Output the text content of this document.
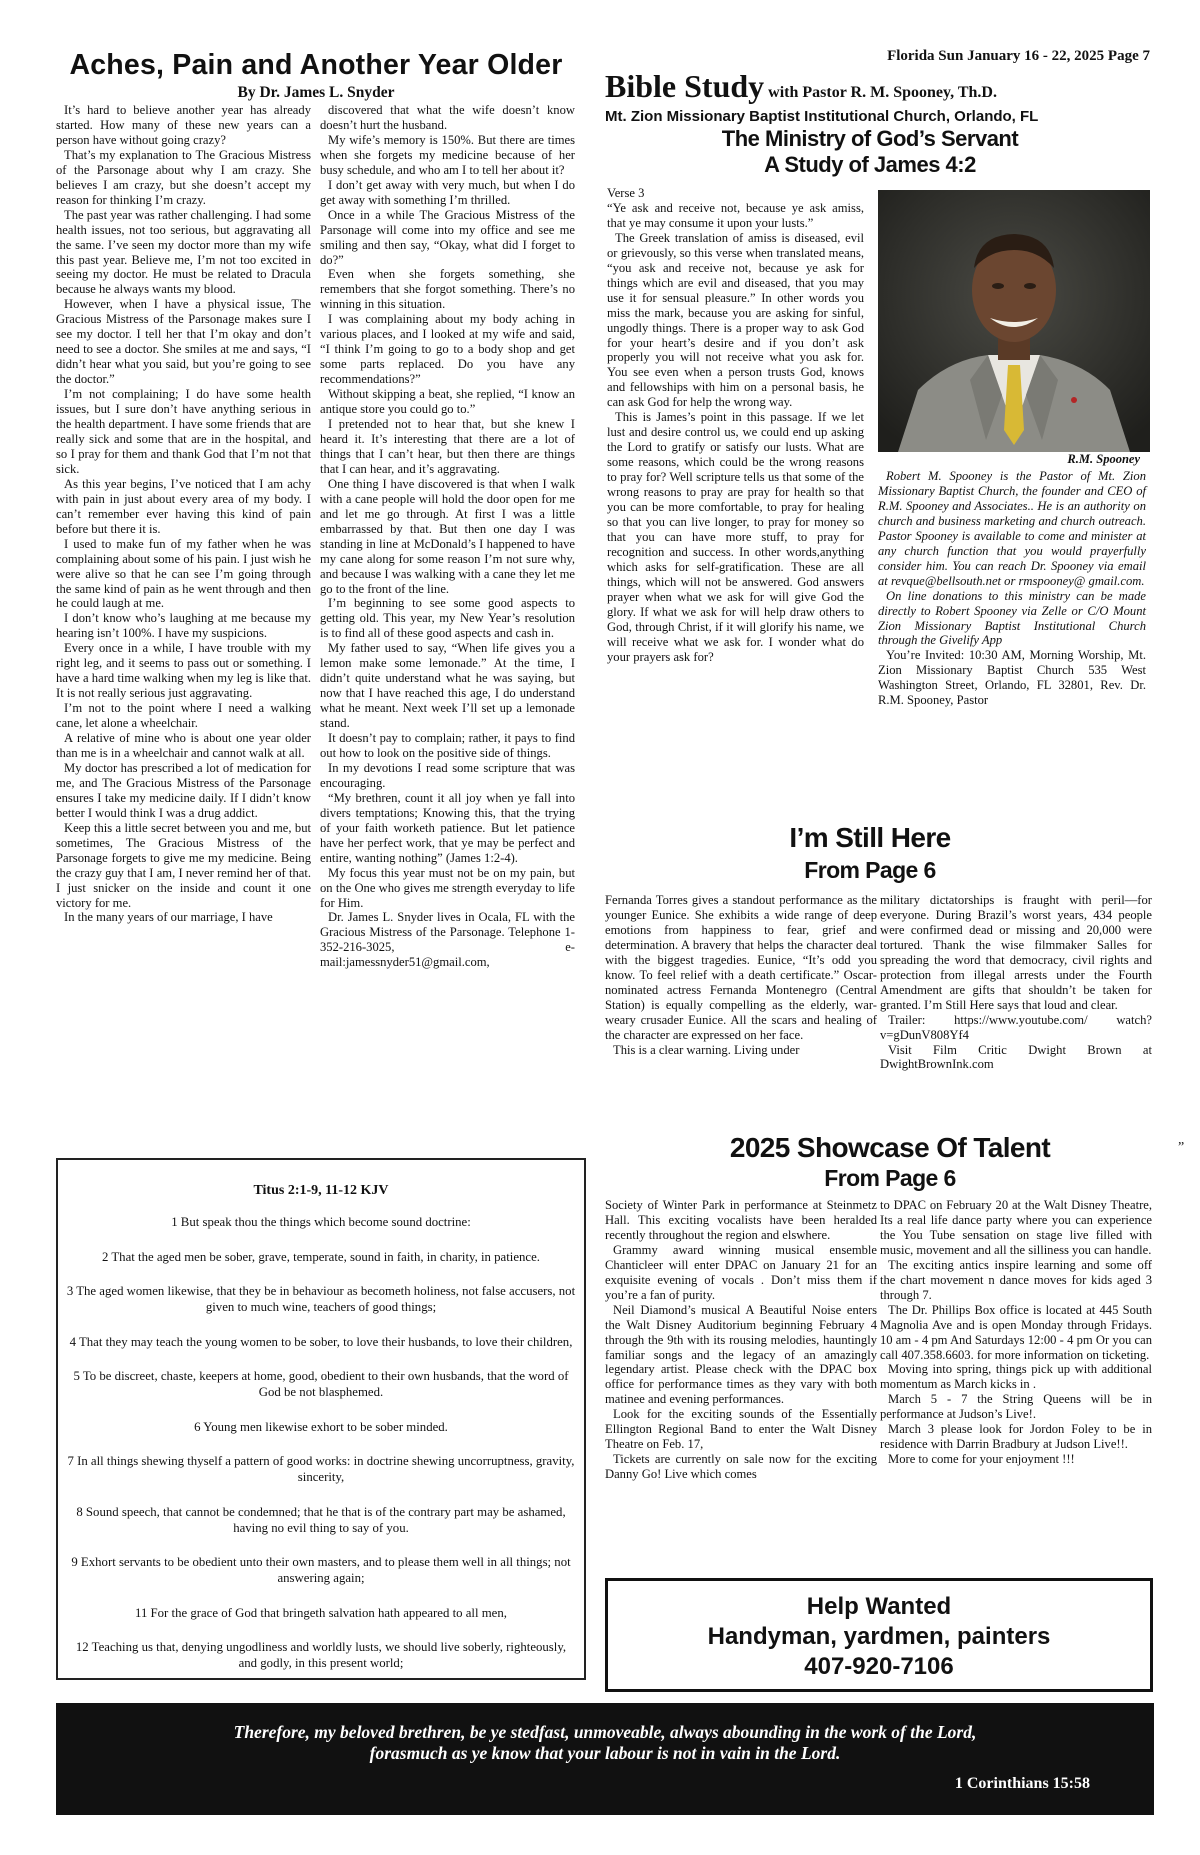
Aches, Pain and Another Year Older
By Dr. James L. Snyder

It’s hard to believe another year has already started. How many of these new years can a person have without going crazy?

That’s my explanation to The Gracious Mistress of the Parsonage about why I am crazy. She believes I am crazy, but she doesn’t accept my reason for thinking I’m crazy.

The past year was rather challenging. I had some health issues, not too serious, but aggravating all the same. I’ve seen my doctor more than my wife this past year. Believe me, I’m not too excited in seeing my doctor. He must be related to Dracula because he always wants my blood.

However, when I have a physical issue, The Gracious Mistress of the Parsonage makes sure I see my doctor. I tell her that I’m okay and don’t need to see a doctor. She smiles at me and says, “I didn’t hear what you said, but you’re going to see the doctor.”

I’m not complaining; I do have some health issues, but I sure don’t have anything serious in the health department. I have some friends that are really sick and some that are in the hospital, and so I pray for them and thank God that I’m not that sick.

As this year begins, I’ve noticed that I am achy with pain in just about every area of my body. I can’t remember ever having this kind of pain before but there it is.

I used to make fun of my father when he was complaining about some of his pain. I just wish he were alive so that he can see I’m going through the same kind of pain as he went through and then he could laugh at me.

I don’t know who’s laughing at me because my hearing isn’t 100%. I have my suspicions.

Every once in a while, I have trouble with my right leg, and it seems to pass out or something. I have a hard time walking when my leg is like that. It is not really serious just aggravating.

I’m not to the point where I need a walking cane, let alone a wheelchair.

A relative of mine who is about one year older than me is in a wheelchair and cannot walk at all.

My doctor has prescribed a lot of medication for me, and The Gracious Mistress of the Parsonage ensures I take my medicine daily. If I didn’t know better I would think I was a drug addict.

Keep this a little secret between you and me, but sometimes, The Gracious Mistress of the Parsonage forgets to give me my medicine. Being the crazy guy that I am, I never remind her of that. I just snicker on the inside and count it one victory for me.

In the many years of our marriage, I have

discovered that what the wife doesn’t know doesn’t hurt the husband.

My wife’s memory is 150%. But there are times when she forgets my medicine because of her busy schedule, and who am I to tell her about it?

I don’t get away with very much, but when I do get away with something I’m thrilled.

Once in a while The Gracious Mistress of the Parsonage will come into my office and see me smiling and then say, “Okay, what did I forget to do?”

Even when she forgets something, she remembers that she forgot something. There’s no winning in this situation.

I was complaining about my body aching in various places, and I looked at my wife and said, “I think I’m going to go to a body shop and get some parts replaced. Do you have any recommendations?”

Without skipping a beat, she replied, “I know an antique store you could go to.”

I pretended not to hear that, but she knew I heard it. It’s interesting that there are a lot of things that I can’t hear, but then there are things that I can hear, and it’s aggravating.

One thing I have discovered is that when I walk with a cane people will hold the door open for me and let me go through. At first I was a little embarrassed by that. But then one day I was standing in line at McDonald’s I happened to have my cane along for some reason I’m not sure why, and because I was walking with a cane they let me go to the front of the line.

I’m beginning to see some good aspects to getting old. This year, my New Year’s resolution is to find all of these good aspects and cash in.

My father used to say, “When life gives you a lemon make some lemonade.” At the time, I didn’t quite understand what he was saying, but now that I have reached this age, I do understand what he meant. Next week I’ll set up a lemonade stand.

It doesn’t pay to complain; rather, it pays to find out how to look on the positive side of things.

In my devotions I read some scripture that was encouraging.

“My brethren, count it all joy when ye fall into divers temptations; Knowing this, that the trying of your faith worketh patience. But let patience have her perfect work, that ye may be perfect and entire, wanting nothing” (James 1:2-4).

My focus this year must not be on my pain, but on the One who gives me strength everyday to life for Him.

Dr. James L. Snyder lives in Ocala, FL with the Gracious Mistress of the Parsonage. Telephone 1-352-216-3025, e-mail:jamessnyder51@gmail.com,

Florida Sun January 16 - 22, 2025 Page 7
Bible Study with Pastor R. M. Spooney, Th.D.
Mt. Zion Missionary Baptist Institutional Church, Orlando, FL
The Ministry of God’s Servant
A Study of James 4:2

Verse 3

“Ye ask and receive not, because ye ask amiss, that ye may consume it upon your lusts.”

The Greek translation of amiss is diseased, evil or grievously, so this verse when translated means, “you ask and receive not, because ye ask for things which are evil and diseased, that you may use it for sensual pleasure.” In other words you miss the mark, because you are asking for sinful, ungodly things. There is a proper way to ask God for your heart’s desire and if you don’t ask properly you will not receive what you ask for. You see even when a person trusts God, knows and fellowships with him on a personal basis, he can ask God for help the wrong way.

This is James’s point in this passage. If we let lust and desire control us, we could end up asking the Lord to gratify or satisfy our lusts. What are some reasons, which could be the wrong reasons to pray for? Well scripture tells us that some of the wrong reasons to pray are pray for health so that you can be more comfortable, to pray for healing so that you can live longer, to pray for money so that you can have more stuff, to pray for recognition and success. In other words,anything which asks for self-gratification. These are all things, which will not be answered. God answers prayer when what we ask for will give God the glory. If what we ask for will help draw others to God, through Christ, if it will glorify his name, we will receive what we ask for. I wonder what do your prayers ask for?

R.M. Spooney

Robert M. Spooney is the Pastor of Mt. Zion Missionary Baptist Church, the founder and CEO of R.M. Spooney and Associates.. He is an authority on church and business marketing and church outreach. Pastor Spooney is available to come and minister at any church function that you would prayerfully consider him. You can reach Dr. Spooney via email at revque@bellsouth.net or rmspooney@ gmail.com.

On line donations to this ministry can be made directly to Robert Spooney via Zelle or C/O Mount Zion Missionary Baptist Institutional Church through the Givelify App

You’re Invited: 10:30 AM, Morning Worship, Mt. Zion Missionary Baptist Church 535 West Washington Street, Orlando, FL 32801, Rev. Dr. R.M. Spooney, Pastor

I’m Still Here
From Page 6

Fernanda Torres gives a standout performance as the younger Eunice. She exhibits a wide range of deep emotions from happiness to fear, grief and determination. A bravery that helps the character deal with the biggest tragedies. Eunice, “It’s odd you know. To feel relief with a death certificate.” Oscar-nominated actress Fernanda Montenegro (Central Station) is equally compelling as the elderly, war-weary crusader Eunice. All the scars and healing of the character are expressed on her face.

This is a clear warning. Living under

military dictatorships is fraught with peril—for everyone. During Brazil’s worst years, 434 people were confirmed dead or missing and 20,000 were tortured. Thank the wise filmmaker Salles for spreading the word that democracy, civil rights and protection from illegal arrests under the Fourth Amendment are gifts that shouldn’t be taken for granted. I’m Still Here says that loud and clear.

Trailer: https://www.youtube.com/ watch?v=gDunV808Yf4

Visit Film Critic Dwight Brown at DwightBrownInk.com

2025 Showcase Of Talent
From Page 6
”

Society of Winter Park in performance at Steinmetz Hall. This exciting vocalists have been heralded recently throughout the region and elswhere.

Grammy award winning musical ensemble Chanticleer will enter DPAC on January 21 for an exquisite evening of vocals . Don’t miss them if you’re a fan of purity.

Neil Diamond’s musical A Beautiful Noise enters the Walt Disney Auditorium beginning February 4 through the 9th with its rousing melodies, hauntingly familiar songs and the legacy of an amazingly legendary artist. Please check with the DPAC box office for performance times as they vary with both matinee and evening performances.

Look for the exciting sounds of the Essentially Ellington Regional Band to enter the Walt Disney Theatre on Feb. 17,

Tickets are currently on sale now for the exciting Danny Go! Live which comes

to DPAC on February 20 at the Walt Disney Theatre, Its a real life dance party where you can experience the You Tube sensation on stage live filled with music, movement and all the silliness you can handle.

The exciting antics inspire learning and some off the chart movement n dance moves for kids aged 3 through 7.

The Dr. Phillips Box office is located at 445 South Magnolia Ave and is open Monday through Fridays. 10 am - 4 pm And Saturdays 12:00 - 4 pm Or you can call 407.358.6603. for more information on ticketing.

Moving into spring, things pick up with additional momentum as March kicks in .

March 5 - 7 the String Queens will be in performance at Judson’s Live!.

March 3 please look for Jordon Foley to be in residence with Darrin Bradbury at Judson Live!!.

More to come for your enjoyment !!!

Titus 2:1-9, 11-12 KJV
1 But speak thou the things which become sound doctrine:
2 That the aged men be sober, grave, temperate, sound in faith, in charity, in patience.
3 The aged women likewise, that they be in behaviour as becometh holiness, not false accusers, not given to much wine, teachers of good things;
4 That they may teach the young women to be sober, to love their husbands, to love their children,
5 To be discreet, chaste, keepers at home, good, obedient to their own husbands, that the word of God be not blasphemed.
6 Young men likewise exhort to be sober minded.
7 In all things shewing thyself a pattern of good works: in doctrine shewing uncorruptness, gravity, sincerity,
8 Sound speech, that cannot be condemned; that he that is of the contrary part may be ashamed, having no evil thing to say of you.
9 Exhort servants to be obedient unto their own masters, and to please them well in all things; not answering again;
11 For the grace of God that bringeth salvation hath appeared to all men,
12 Teaching us that, denying ungodliness and worldly lusts, we should live soberly, righteously, and godly, in this present world;
Help Wanted
Handyman, yardmen, painters
407-920-7106
Therefore, my beloved brethren, be ye stedfast, unmoveable, always abounding in the work of the Lord,
forasmuch as ye know that your labour is not in vain in the Lord.
1 Corinthians 15:58
